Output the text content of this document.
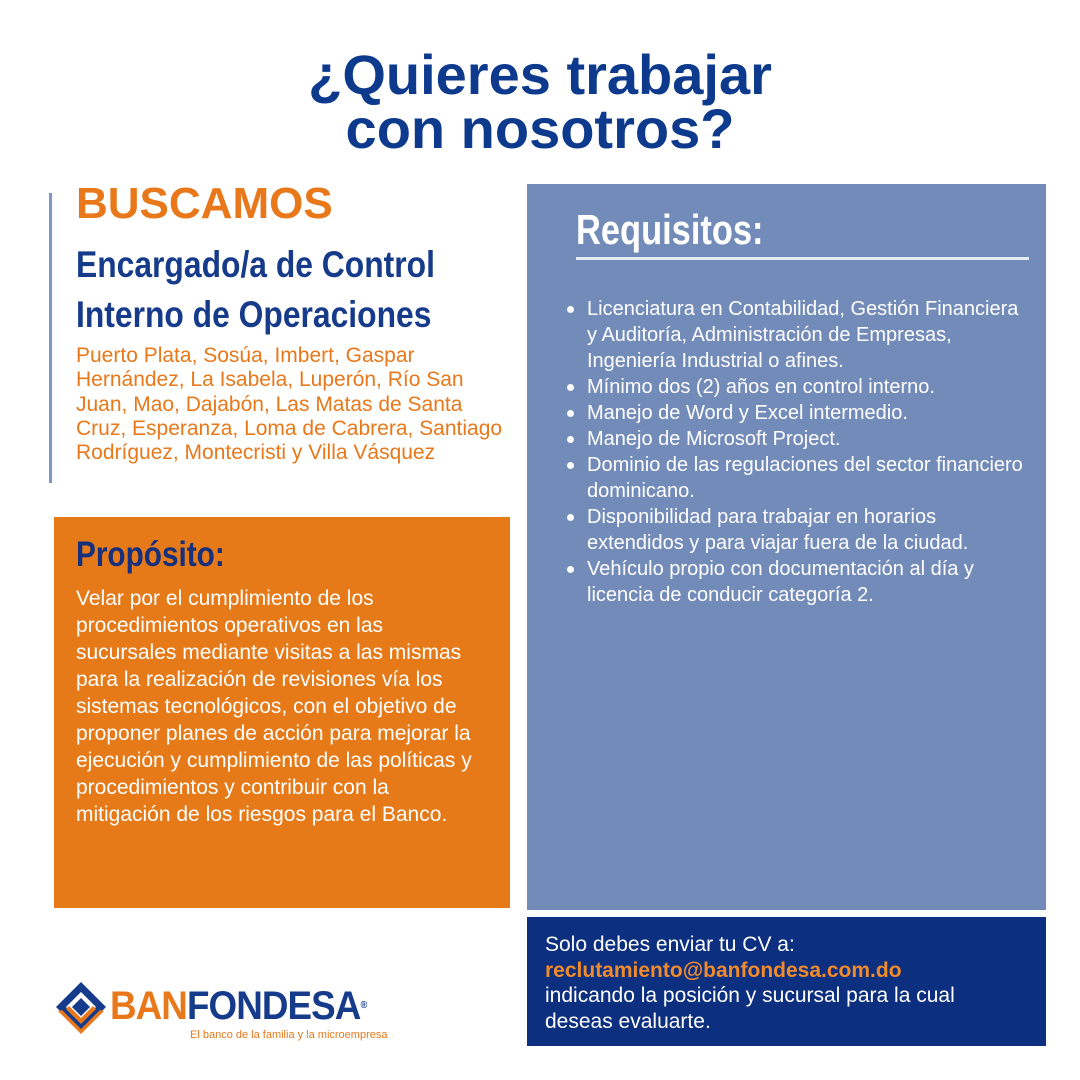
¿Quieres trabajar
con nosotros?
BUSCAMOS
Encargado/a de Control
Interno de Operaciones
Puerto Plata, Sosúa, Imbert, Gaspar Hernández, La Isabela, Luperón, Río San Juan, Mao, Dajabón, Las Matas de Santa Cruz, Esperanza, Loma de Cabrera, Santiago Rodríguez, Montecristi y Villa Vásquez
Propósito:
Velar por el cumplimiento de los procedimientos operativos en las sucursales mediante visitas a las mismas para la realización de revisiones vía los sistemas tecnológicos, con el objetivo de proponer planes de acción para mejorar la ejecución y cumplimiento de las políticas y procedimientos y contribuir con la mitigación de los riesgos para el Banco.
Requisitos:
Licenciatura en Contabilidad, Gestión Financiera y Auditoría, Administración de Empresas, Ingeniería Industrial o afines.
Mínimo dos (2) años en control interno.
Manejo de Word y Excel intermedio.
Manejo de Microsoft Project.
Dominio de las regulaciones del sector financiero dominicano.
Disponibilidad para trabajar en horarios extendidos y para viajar fuera de la ciudad.
Vehículo propio con documentación al día y licencia de conducir categoría 2.
Solo debes enviar tu CV a:
reclutamiento@banfondesa.com.do
indicando la posición y sucursal para la cual deseas evaluarte.
BANFONDESA®
El banco de la familia y la microempresa
